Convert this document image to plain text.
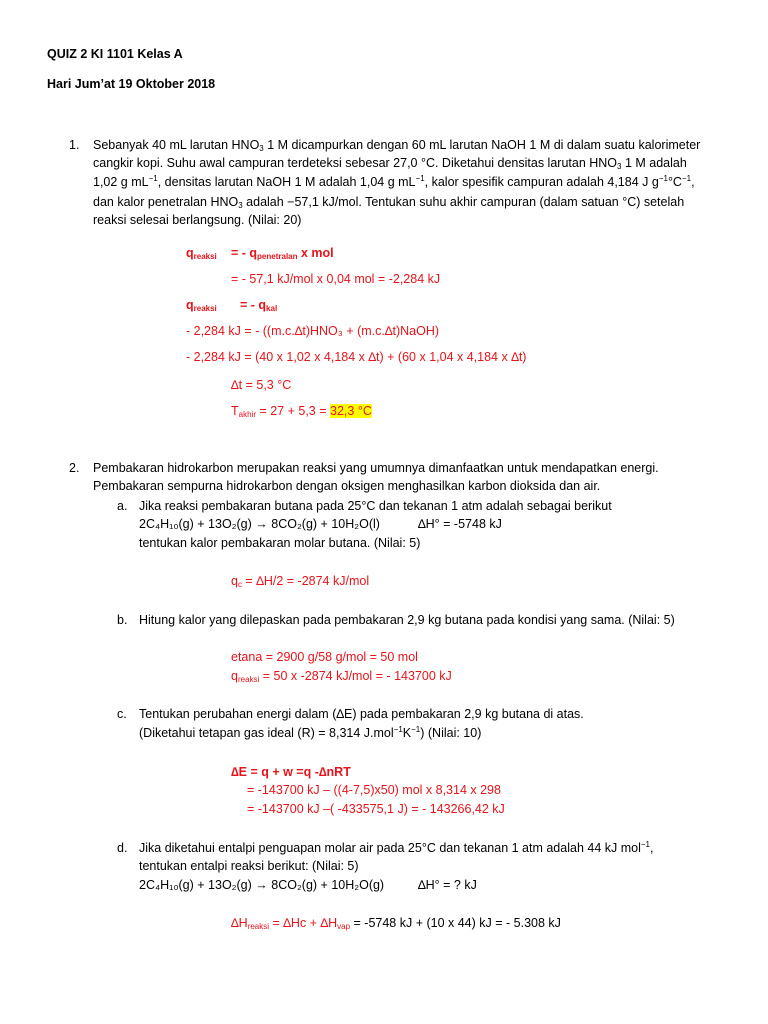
QUIZ 2 KI 1101 Kelas A
Hari Jum’at 19 Oktober 2018
1. Sebanyak 40 mL larutan $HNO_3$ 1 M dicampurkan dengan 60 mL larutan NaOH 1 M di dalam suatu kalorimeter
cangkir kopi. Suhu awal campuran terdeteksi sebesar 27,0 °C. Diketahui densitas larutan $HNO_3$ 1 M adalah
1,02 g $mL^{-1}$, densitas larutan NaOH 1 M adalah 1,04 g $mL^{-1}$, kalor spesifik campuran adalah 4,184 J $g^{-1}^\circ C^{-1}$,
dan kalor penetralan $HNO_3$ adalah −57,1 kJ/mol. Tentukan suhu akhir campuran (dalam satuan °C) setelah
reaksi selesai berlangsung. (Nilai: 20)
$q_{reaksi}$ = - $q_{penetralan}$ x mol
= - 57,1 kJ/mol x 0,04 mol = -2,284 kJ
$q_{reaksi}$ = - $q_{kal}$
- 2,284 kJ = - ((m.c.∆t)HNO₃ + (m.c.∆t)NaOH)
- 2,284 kJ = (40 x 1,02 x 4,184 x ∆t) + (60 x 1,04 x 4,184 x ∆t)
∆t = 5,3 °C
$T_{akhir} = 27 + 5,3 = 32,3$ °C
2. Pembakaran hidrokarbon merupakan reaksi yang umumnya dimanfaatkan untuk mendapatkan energi.
Pembakaran sempurna hidrokarbon dengan oksigen menghasilkan karbon dioksida dan air.
a. Jika reaksi pembakaran butana pada 25°C dan tekanan 1 atm adalah sebagai berikut
2C₄H₁₀(g) + 13O₂(g) → 8CO₂(g) + 10H₂O(l)	∆H° = -5748 kJ
tentukan kalor pembakaran molar butana. (Nilai: 5)
$q_c = \Delta H/2 = -2874$ kJ/mol
b. Hitung kalor yang dilepaskan pada pembakaran 2,9 kg butana pada kondisi yang sama. (Nilai: 5)
etana = 2900 g/58 g/mol = 50 mol
$q_{reaksi} = 50$ x -2874 kJ/mol = - 143700 kJ
c. Tentukan perubahan energi dalam (∆E) pada pembakaran 2,9 kg butana di atas.
(Diketahui tetapan gas ideal (R) = 8,314 $J.mol^{-1}K^{-1}$) (Nilai: 10)
∆E = q + w =q -∆nRT
= -143700 kJ – ((4-7,5)x50) mol x 8,314 x 298
= -143700 kJ –( -433575,1 J) = - 143266,42 kJ
d. Jika diketahui entalpi penguapan molar air pada 25°C dan tekanan 1 atm adalah 44 kJ mol$^{-1}$,
tentukan entalpi reaksi berikut: (Nilai: 5)
2C₄H₁₀(g) + 13O₂(g) → 8CO₂(g) + 10H₂O(g)	∆H° = ? kJ
$\Delta H_{reaksi} = \Delta Hc + \Delta H_{vap} = -5748$ kJ + (10 x 44) kJ = - 5.308 kJ
